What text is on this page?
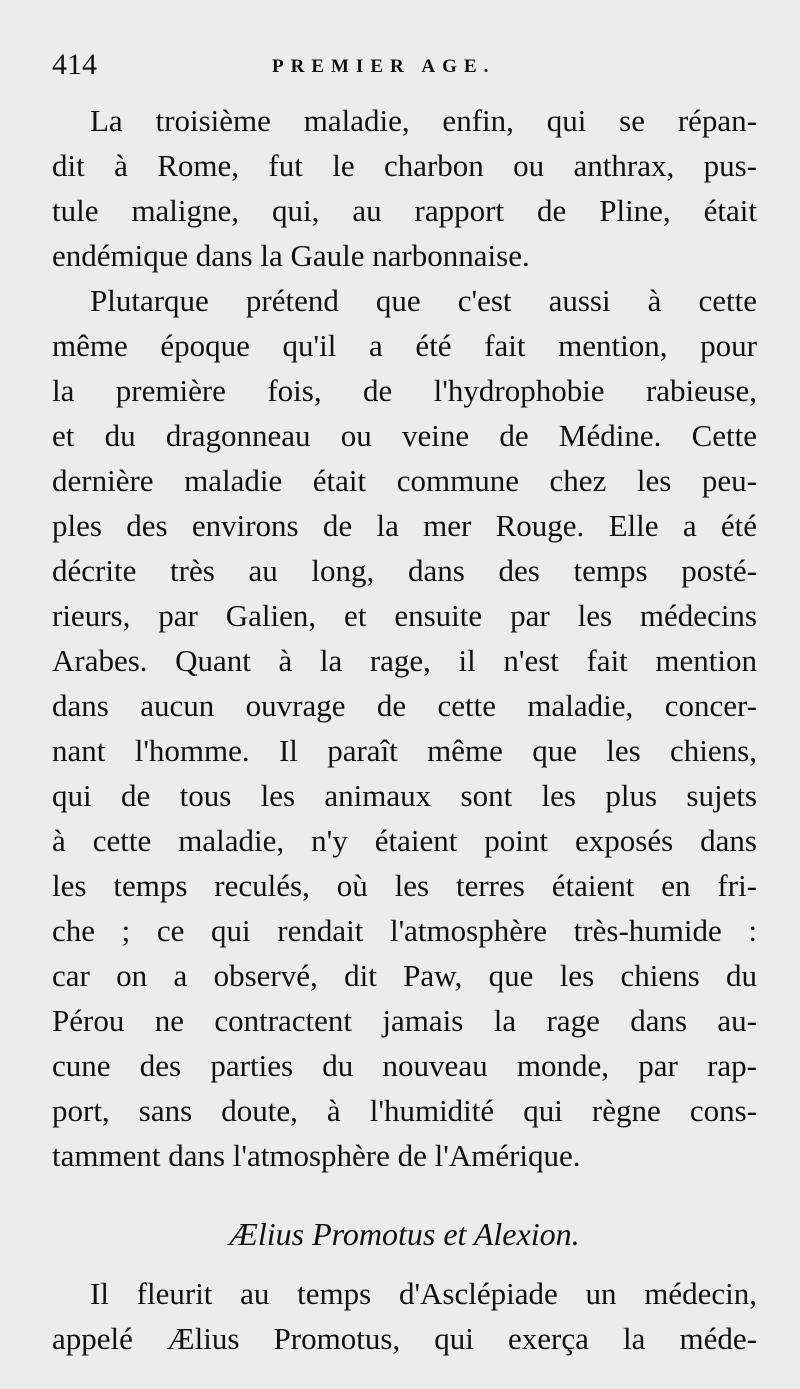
414	PREMIER AGE.
La troisième maladie, enfin, qui se répan-
dit à Rome, fut le charbon ou anthrax, pus-
tule maligne, qui, au rapport de Pline, était
endémique dans la Gaule narbonnaise.
Plutarque prétend que c'est aussi à cette
même époque qu'il a été fait mention, pour
la première fois, de l'hydrophobie rabieuse,
et du dragonneau ou veine de Médine. Cette
dernière maladie était commune chez les peu-
ples des environs de la mer Rouge. Elle a été
décrite très au long, dans des temps posté-
rieurs, par Galien, et ensuite par les médecins
Arabes. Quant à la rage, il n'est fait mention
dans aucun ouvrage de cette maladie, concer-
nant l'homme. Il paraît même que les chiens,
qui de tous les animaux sont les plus sujets
à cette maladie, n'y étaient point exposés dans
les temps reculés, où les terres étaient en fri-
che ; ce qui rendait l'atmosphère très-humide :
car on a observé, dit Paw, que les chiens du
Pérou ne contractent jamais la rage dans au-
cune des parties du nouveau monde, par rap-
port, sans doute, à l'humidité qui règne cons-
tamment dans l'atmosphère de l'Amérique.
Ælius Promotus et Alexion.
Il fleurit au temps d'Asclépiade un médecin,
appelé Ælius Promotus, qui exerça la méde-
